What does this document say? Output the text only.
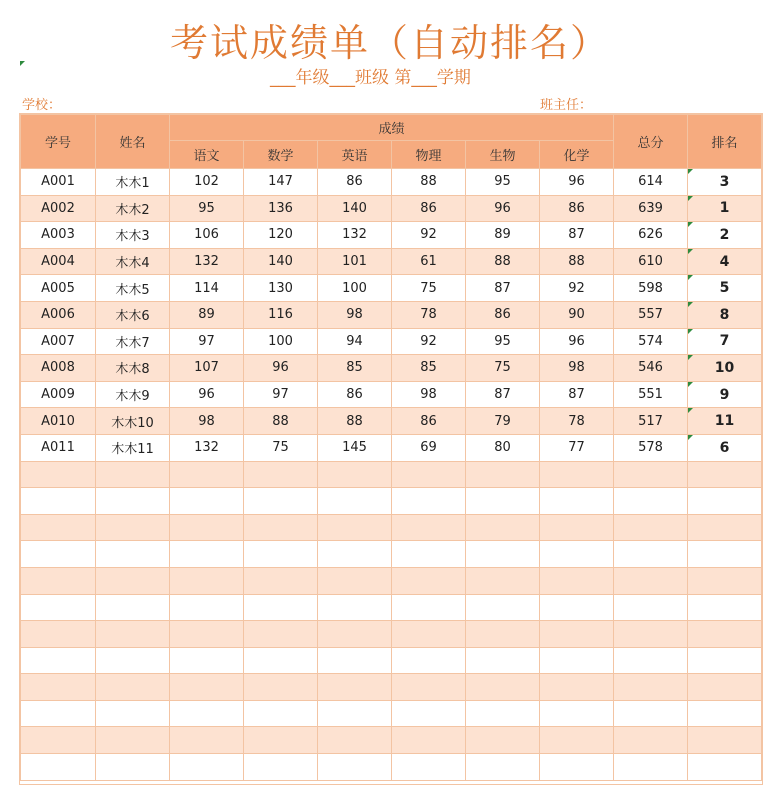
考试成绩单（自动排名）
___年级___班级 第___学期
学校：	班主任：
学号	姓名	成绩						总分	排名
		语文	数学	英语	物理	生物	化学		
A001	木木1	102	147	86	88	95	96	614	3
A002	木木2	95	136	140	86	96	86	639	1
A003	木木3	106	120	132	92	89	87	626	2
A004	木木4	132	140	101	61	88	88	610	4
A005	木木5	114	130	100	75	87	92	598	5
A006	木木6	89	116	98	78	86	90	557	8
A007	木木7	97	100	94	92	95	96	574	7
A008	木木8	107	96	85	85	75	98	546	10
A009	木木9	96	97	86	98	87	87	551	9
A010	木木10	98	88	88	86	79	78	517	11
A011	木木11	132	75	145	69	80	77	578	6
